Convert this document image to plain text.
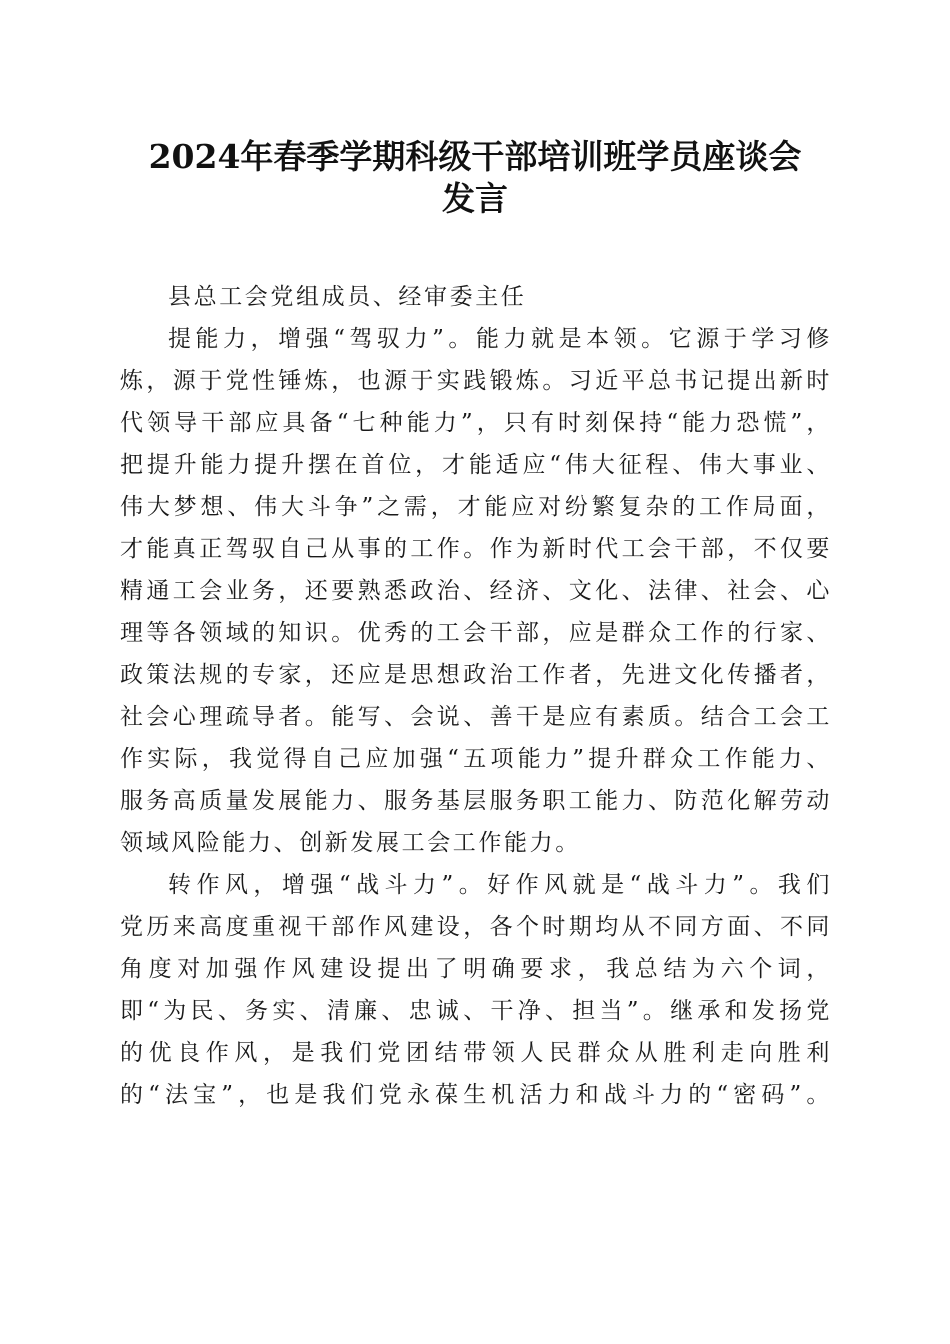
2024年春季学期科级干部培训班学员座谈会
发言
县总工会党组成员、经审委主任
提能力，增强“驾驭力”。能力就是本领。它源于学习修
炼，源于党性锤炼，也源于实践锻炼。习近平总书记提出新时
代领导干部应具备“七种能力”，只有时刻保持“能力恐慌”，
把提升能力提升摆在首位，才能适应“伟大征程、伟大事业、
伟大梦想、伟大斗争”之需，才能应对纷繁复杂的工作局面，
才能真正驾驭自己从事的工作。作为新时代工会干部，不仅要
精通工会业务，还要熟悉政治、经济、文化、法律、社会、心
理等各领域的知识。优秀的工会干部，应是群众工作的行家、
政策法规的专家，还应是思想政治工作者，先进文化传播者，
社会心理疏导者。能写、会说、善干是应有素质。结合工会工
作实际，我觉得自己应加强“五项能力”提升群众工作能力、
服务高质量发展能力、服务基层服务职工能力、防范化解劳动
领域风险能力、创新发展工会工作能力。
转作风，增强“战斗力”。好作风就是“战斗力”。我们
党历来高度重视干部作风建设，各个时期均从不同方面、不同
角度对加强作风建设提出了明确要求，我总结为六个词，
即“为民、务实、清廉、忠诚、干净、担当”。继承和发扬党
的优良作风，是我们党团结带领人民群众从胜利走向胜利
的“法宝”，也是我们党永葆生机活力和战斗力的“密码”。
